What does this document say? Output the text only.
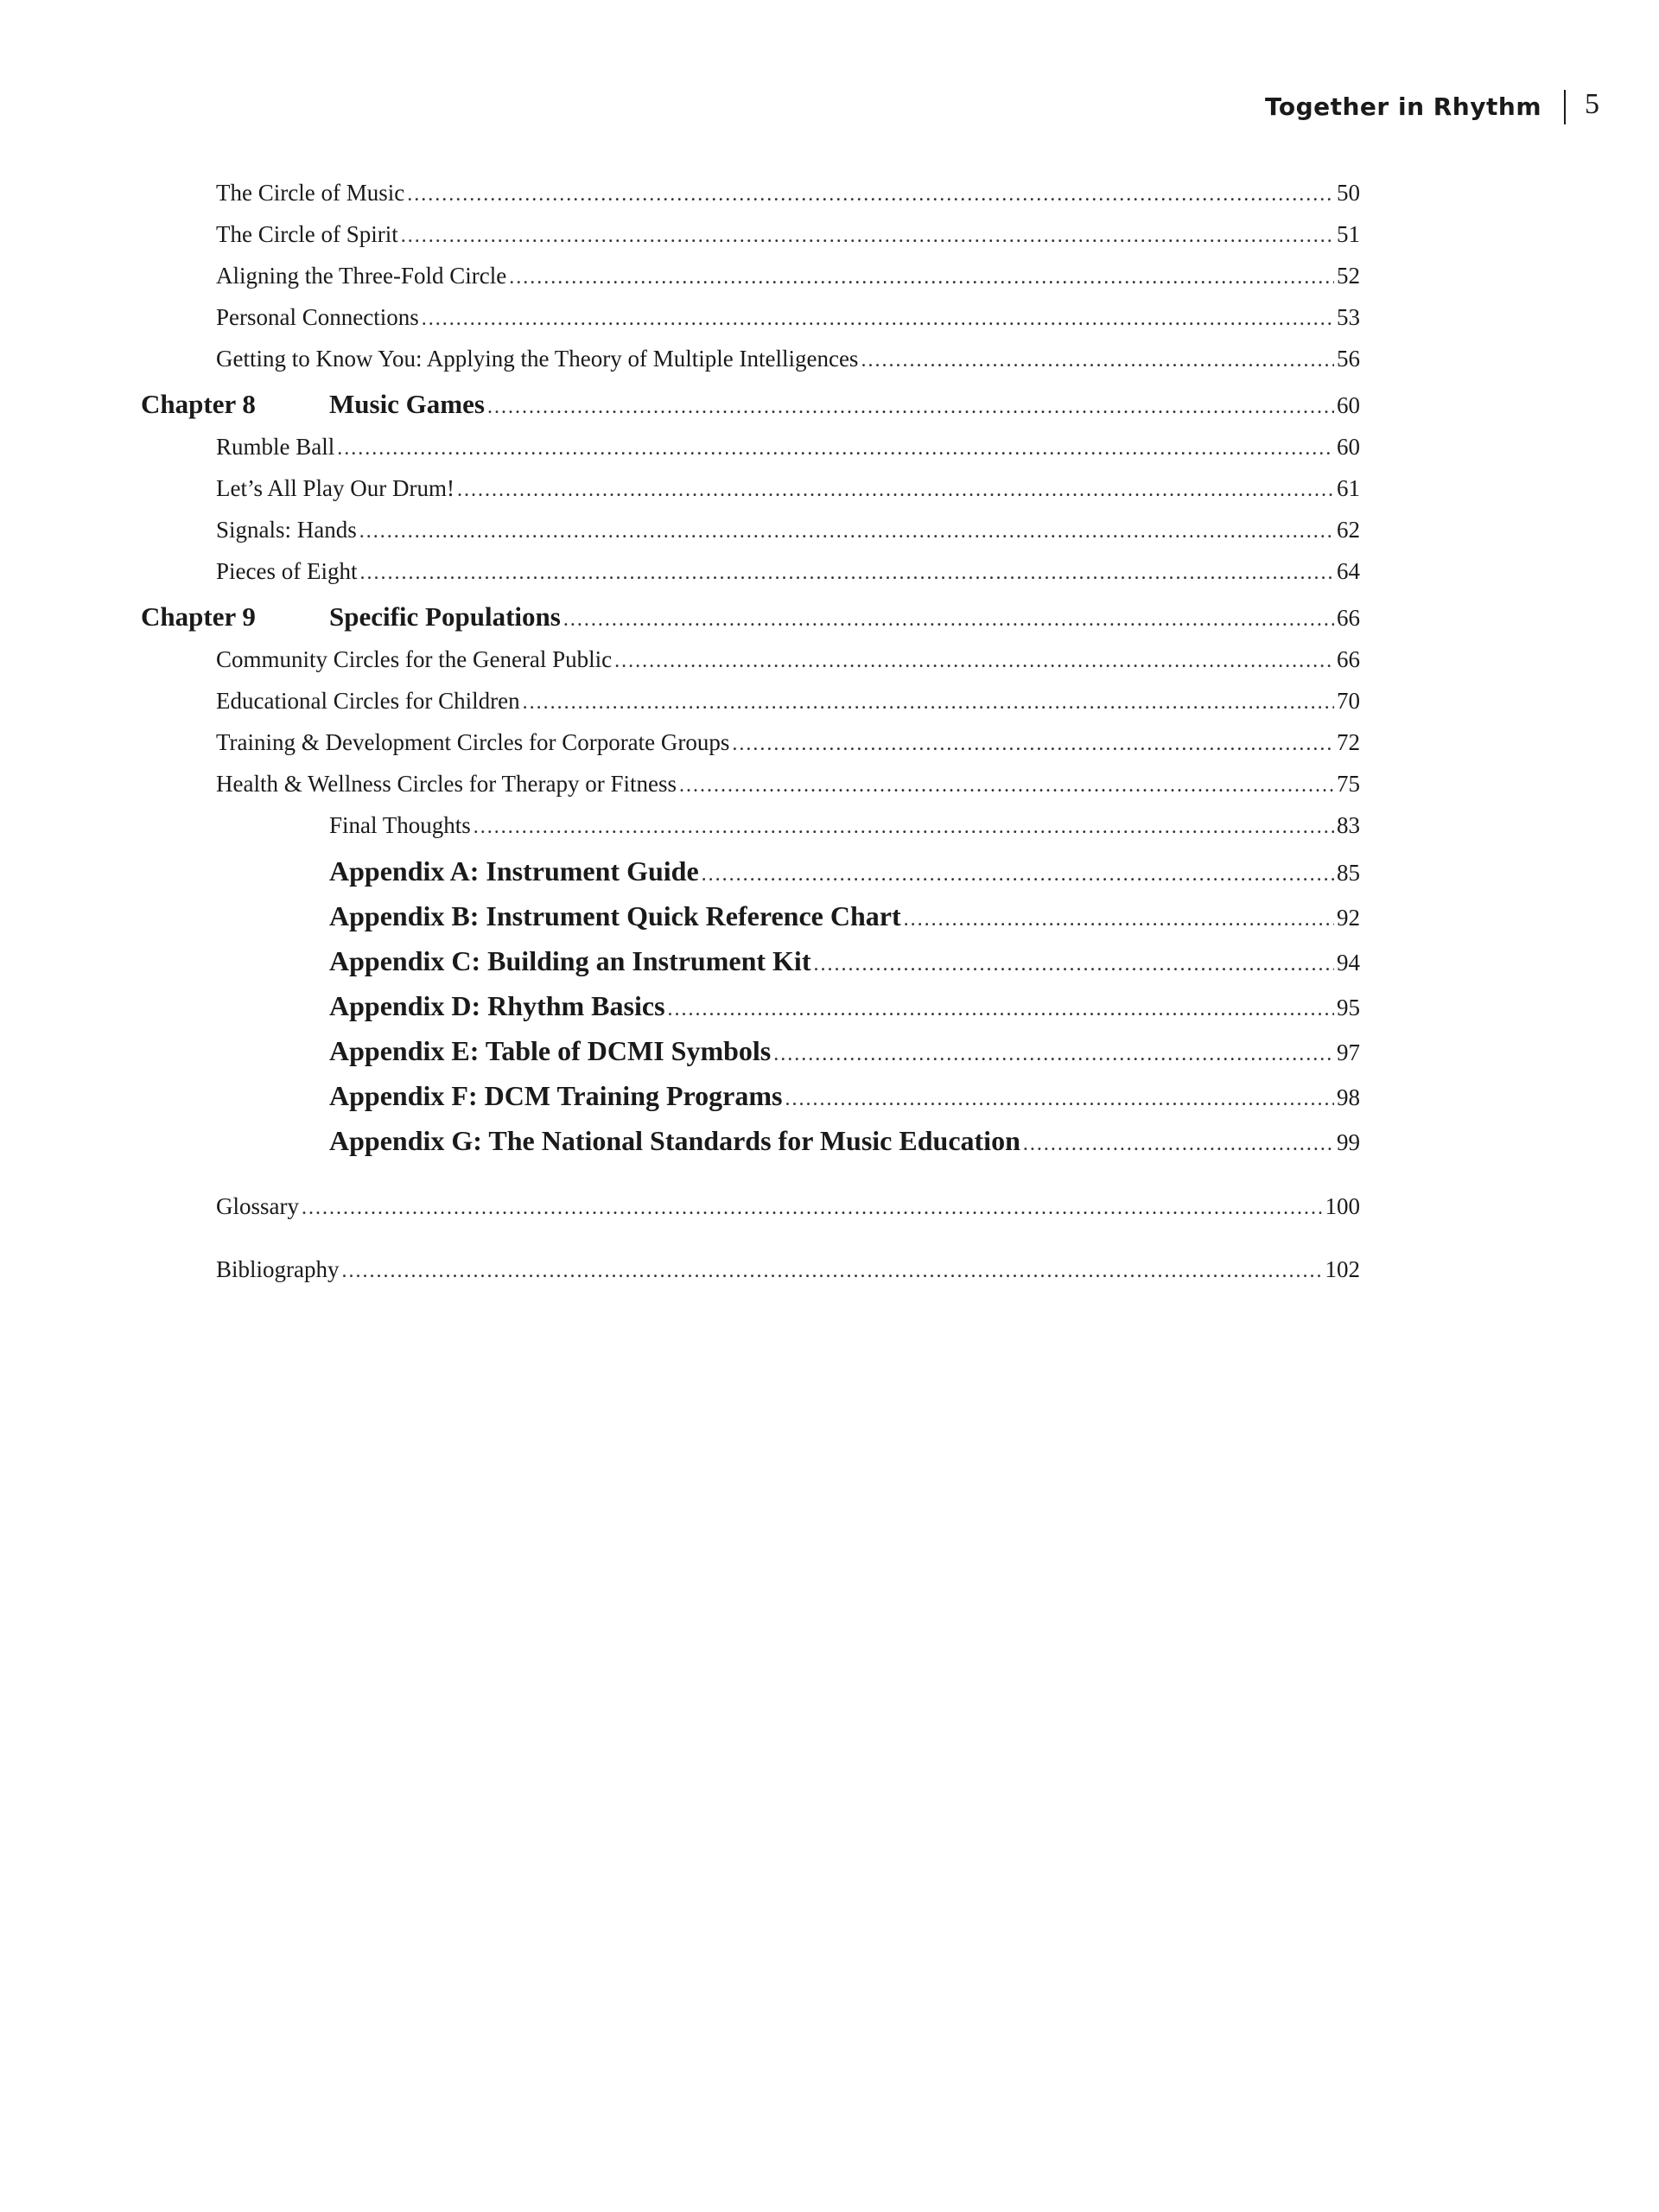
Together in Rhythm 5
The Circle of Music .....	50
The Circle of Spirit .....	51
Aligning the Three-Fold Circle .....	52
Personal Connections .....	53
Getting to Know You: Applying the Theory of Multiple Intelligences .....	56
Chapter 8	Music Games .....	60
Rumble Ball .....	60
Let’s All Play Our Drum! .....	61
Signals: Hands .....	62
Pieces of Eight .....	64
Chapter 9	Specific Populations .....	66
Community Circles for the General Public .....	66
Educational Circles for Children .....	70
Training & Development Circles for Corporate Groups .....	72
Health & Wellness Circles for Therapy or Fitness .....	75
Final Thoughts .....	83
Appendix A: Instrument Guide .....	85
Appendix B: Instrument Quick Reference Chart .....	92
Appendix C: Building an Instrument Kit .....	94
Appendix D: Rhythm Basics .....	95
Appendix E: Table of DCMI Symbols .....	97
Appendix F: DCM Training Programs .....	98
Appendix G: The National Standards for Music Education .....	99
Glossary .....	100
Bibliography .....	102
